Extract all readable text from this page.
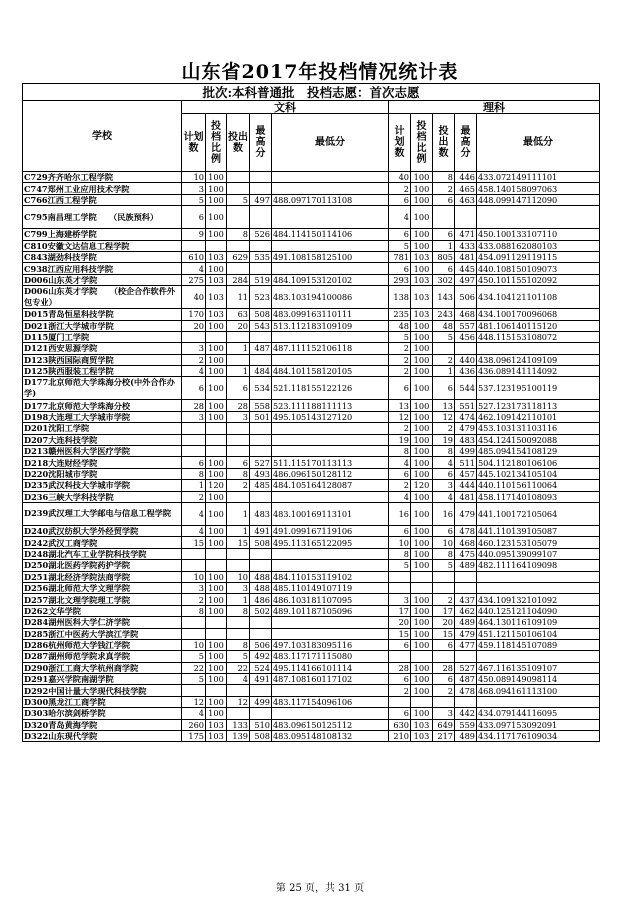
山东省2017年投档情况统计表
批次:本科普通批　投档志愿：首次志愿										
学校	文科					理科				
	计划数	投档比例	投出数	最高分	最低分	计划数	投档比例	投出数	最高分	最低分
C729齐齐哈尔工程学院	10	100				40	100	8	446	433.072149111101
C747郑州工业应用技术学院	3	100				2	100	2	465	458.140158097063
C766江西工程学院	5	100	5	497	488.097170113108	6	100	6	463	448.099147112090
C795南昌理工学院　　（民族预科）	6	100				4	100			
C799上海建桥学院	9	100	8	526	484.114150114106	6	100	6	471	450.100133107110
C810安徽文达信息工程学院						5	100	1	433	433.088162080103
C843湖劲科技学院	610	103	629	535	491.108158125100	781	103	805	481	454.091129119115
C938江西应用科技学院	4	100				6	100	6	445	440.108150109073
D006山东英才学院	275	103	284	519	484.109153120102	293	103	302	497	450.101155102092
D006山东英才学院　　（校企合作软件外包专业）	40	103	11	523	483.103194100086	138	103	143	506	434.104121101108
D015青岛恒星科技学院	170	103	63	508	483.099163110111	235	103	243	468	434.100170096068
D021浙江大学城市学院	20	100	20	543	513.112183109109	48	100	48	557	481.106140115120
D115厦门工学院						5	100	5	456	448.115153108072
D121西安思源学院	3	100	1	487	487.111152106118	2	100			
D123陕西国际商贸学院	2	100				2	100	2	440	438.096124109109
D125陕西服装工程学院	4	100	1	484	484.101158120105	2	100	1	436	436.089141114092
D177北京师范大学珠海分校(中外合作办学)	6	100	6	534	521.118155122126	6	100	6	544	537.123195100119
D177北京师范大学珠海分校	28	100	28	558	523.111188111113	13	100	13	551	527.123173118113
D198大连理工大学城市学院	3	100	3	501	495.105143127120	12	100	12	474	462.109142110101
D201沈阳工学院						2	100	2	479	453.103131103116
D207大连科技学院						19	100	19	483	454.124150092088
D213赣州医科大学医疗学院						8	100	8	499	485.094154108129
D218大连财经学院	6	100	6	527	511.115170113113	4	100	4	511	504.112180106106
D220沈阳城市学院	8	100	8	493	486.096150128112	6	100	6	457	445.102134105104
D235武汉科技大学城市学院	1	120	2	485	484.105164128087	2	120	3	444	440.110156110064
D236三峡大学科技学院	2	100				4	100	4	481	458.117140108093
D239武汉理工大学邮电与信息工程学院	4	100	1	483	483.100169113101	16	100	16	479	441.100172105064
D240武汉纺织大学外经贸学院	4	100	1	491	491.099167119106	6	100	6	478	441.110139105087
D242武汉工商学院	15	100	15	508	495.113165122095	10	100	10	468	460.123153105079
D248湖北汽车工业学院科技学院						8	100	8	475	440.095139099107
D250湖北医药学院药护学院						5	100	5	489	482.111164109098
D251湖北经济学院法商学院	10	100	10	488	484.110153119102					
D256湖北师范大学文理学院	3	100	3	488	485.110149107119					
D257湖北文理学院理工学院	2	100	1	486	486.103181107095	3	100	2	437	434.109132101092
D262文华学院	8	100	8	502	489.101187105096	17	100	17	462	440.125121104090
D284湖州医科大学仁济学院						20	100	20	489	464.130116109109
D285浙江中医药大学滨江学院						15	100	15	479	451.121150106104
D286杭州师范大学钱江学院	10	100	8	506	497.103183095116	6	100	6	477	459.118145107089
D287湖州师范学院求真学院	5	100	5	492	483.117171115080					
D290浙江工商大学杭州商学院	22	100	22	524	495.114166101114	28	100	28	527	467.116135109107
D291嘉兴学院南湖学院	5	100	4	491	487.108160117102	6	100	6	487	450.089149098114
D292中国计量大学现代科技学院						2	100	2	478	468.094161113100
D300黑龙江工商学院	12	100	12	499	483.117154096106					
D303哈尔滨剑桥学院	4	100				6	100	3	442	434.079144116095
D320青岛黄海学院	260	103	133	510	483.096150125112	630	103	649	559	433.097153092091
D322山东现代学院	175	103	139	508	483.095148108132	210	103	217	489	434.117176109034
第 25 页，共 31 页
